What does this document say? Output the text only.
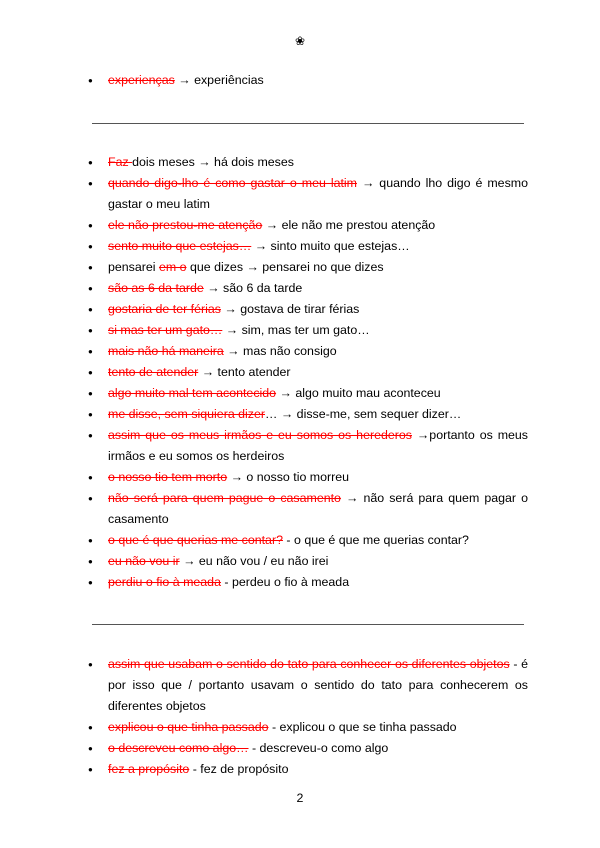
❀
● experienças → experiências
● Faz dois meses → há dois meses
● quando digo-lho é como gastar o meu latim → quando lho digo é mesmo gastar o meu latim
● ele não prestou-me atenção → ele não me prestou atenção
● sento muito que estejas… → sinto muito que estejas…
● pensarei em o que dizes → pensarei no que dizes
● são as 6 da tarde → são 6 da tarde
● gostaria de ter férias → gostava de tirar férias
● si mas ter um gato… → sim, mas ter um gato…
● mais não há maneira → mas não consigo
● tento de atender → tento atender
● algo muito mal tem acontecido → algo muito mau aconteceu
● me disse, sem siquiera dizer… → disse-me, sem sequer dizer…
● assim que os meus irmãos e eu somos os herederos →portanto os meus irmãos e eu somos os herdeiros
● o nosso tio tem morto → o nosso tio morreu
● não será para quem pague o casamento → não será para quem pagar o casamento
● o que é que querias me contar? - o que é que me querias contar?
● eu não vou ir → eu não vou / eu não irei
● perdiu o fio à meada - perdeu o fio à meada
● assim que usabam o sentido do tato para conhecer os diferentes objetos - é por isso que / portanto usavam o sentido do tato para conhecerem os diferentes objetos
● explicou o que tinha passado - explicou o que se tinha passado
● o descreveu como algo… - descreveu-o como algo
● fez a propósito - fez de propósito
2
